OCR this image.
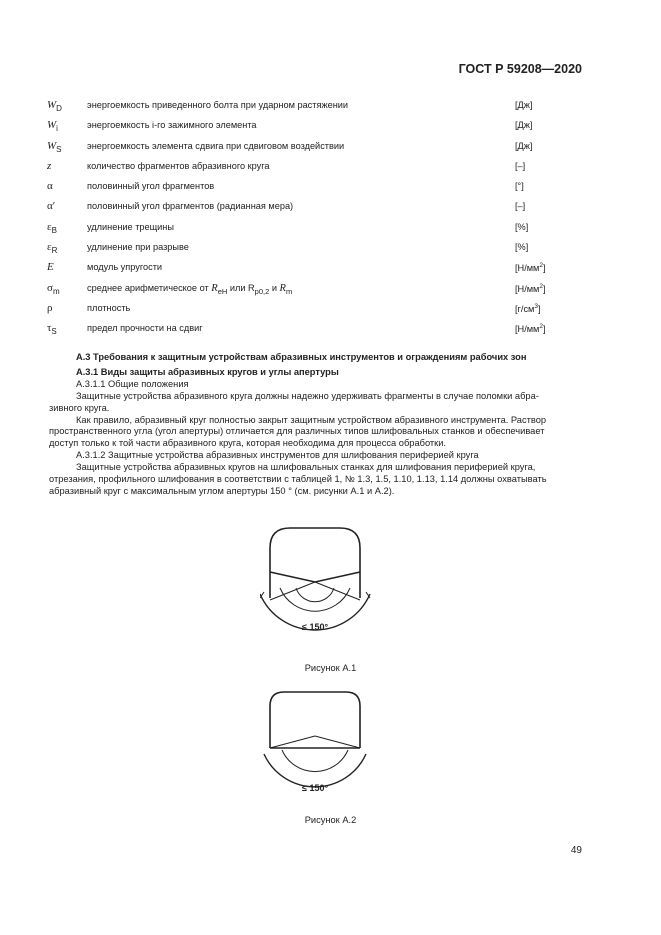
ГОСТ Р 59208—2020
$W_D$	энергоемкость приведенного болта при ударном растяжении	[Дж]
$W_i$	энергоемкость i-го зажимного элемента	[Дж]
$W_S$	энергоемкость элемента сдвига при сдвиговом воздействии	[Дж]
z	количество фрагментов абразивного круга	[–]
α	половинный угол фрагментов	[°]
α′	половинный угол фрагментов (радианная мера)	[–]
$\varepsilon_B$	удлинение трещины	[%]
$\varepsilon_R$	удлинение при разрыве	[%]
E	модуль упругости	$[Н/мм^2]$
$\sigma_m$	среднее арифметическое от $R_{eH}$ или $R_{p0,2}$ и $R_m$	$[Н/мм^2]$
ρ	плотность	$[г/см^3]$
$\tau_S$	предел прочности на сдвиг	$[Н/мм^2]$

А.3 Требования к защитным устройствам абразивных инструментов и ограждениям рабочих зон

А.3.1 Виды защиты абразивных кругов и углы апертуры

А.3.1.1 Общие положения

Защитные устройства абразивного круга должны надежно удерживать фрагменты в случае поломки абра-

зивного круга.

Как правило, абразивный круг полностью закрыт защитным устройством абразивного инструмента. Раствор

пространственного угла (угол апертуры) отличается для различных типов шлифовальных станков и обеспечивает

доступ только к той части абразивного круга, которая необходима для процесса обработки.

А.3.1.2 Защитные устройства абразивных инструментов для шлифования периферией круга

Защитные устройства абразивных кругов на шлифовальных станках для шлифования периферией круга,

отрезания, профильного шлифования в соответствии с таблицей 1, № 1.3, 1.5, 1.10, 1.13, 1.14 должны охватывать

абразивный круг с максимальным углом апертуры 150 ° (см. рисунки А.1 и А.2).

≤ 150°
Рисунок А.1
≤ 150°
Рисунок А.2
49
